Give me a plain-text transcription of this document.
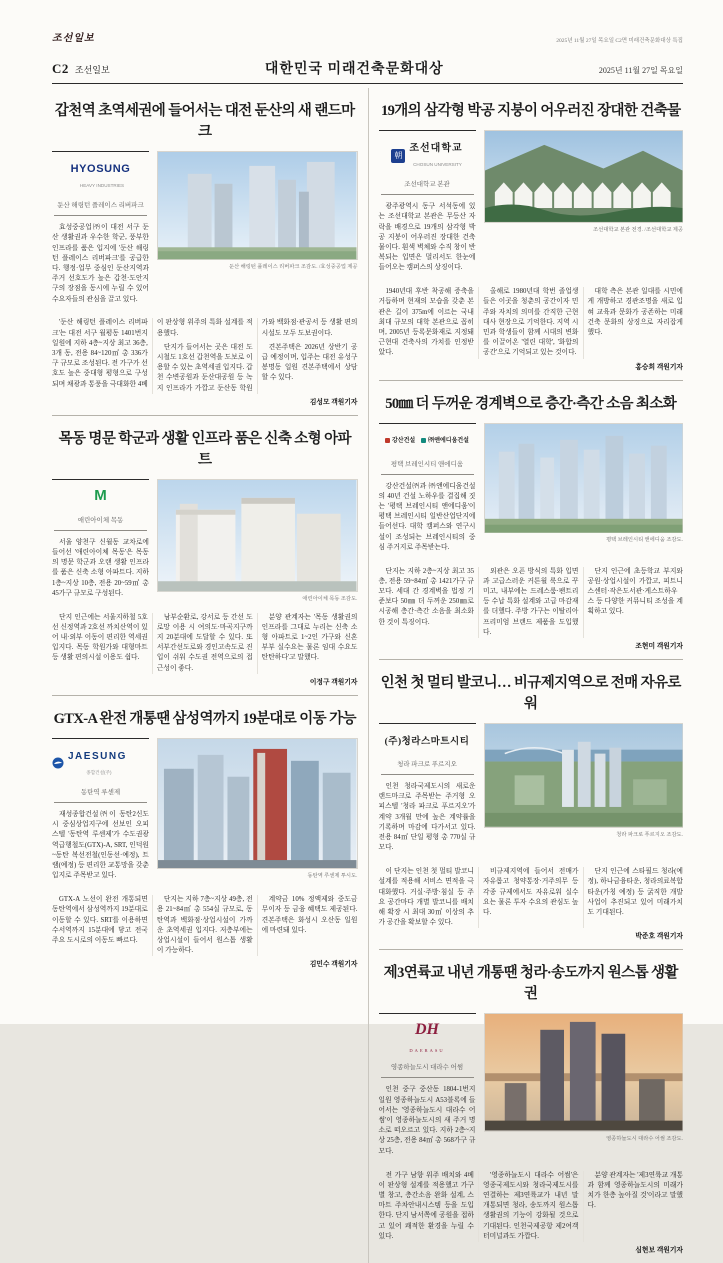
조선일보	2025년 11월 27일 목요일 C2면 미래건축문화대상 특집
C2 조선일보	대한민국 미래건축문화대상	2025년 11월 27일 목요일
갑천역 초역세권에 들어서는 대전 둔산의 새 랜드마크
HYOSUNGHEAVY INDUSTRIES
둔산 해링턴 플레이스 리버파크

효성중공업㈜이 대전 서구 둔산 생활권과 우수한 학군, 풍부한 인프라를 품은 입지에 '둔산 해링턴 플레이스 리버파크'를 공급한다. 행정·업무 중심인 둔산지역과 주거 선호도가 높은 갑천·도안지구의 장점을 동시에 누릴 수 있어 수요자들의 관심을 끌고 있다.

둔산 해링턴 플레이스 리버파크 조감도. /효성중공업 제공

'둔산 해링턴 플레이스 리버파크'는 대전 서구 월평동 1401번지 일원에 지하 4층~지상 최고 36층, 3개 동, 전용 84~120㎡ 총 336가구 규모로 조성된다. 전 가구가 선호도 높은 중대형 평형으로 구성되며 채광과 통풍을 극대화한 4베이 판상형 위주의 특화 설계를 적용했다.

단지가 들어서는 곳은 대전 도시철도 1호선 갑천역을 도보로 이용할 수 있는 초역세권 입지다. 갑천 수변공원과 둔산대공원 등 녹지 인프라가 가깝고 둔산동 학원가와 백화점·관공서 등 생활 편의시설도 모두 도보권이다.

견본주택은 2026년 상반기 공급 예정이며, 입주는 대전 유성구 봉명동 일원 견본주택에서 상담할 수 있다.

김성모 객원기자
목동 명문 학군과 생활 인프라 품은 신축 소형 아파트
M
애린아이체 목동

서울 양천구 신월동 교차로에 들어선 '애린아이체 목동'은 목동의 명문 학군과 오랜 생활 인프라를 품은 신축 소형 아파트다. 지하 1층~지상 10층, 전용 20~59㎡ 총 45가구 규모로 구성된다.

애린아이체 목동 조감도.

단지 인근에는 서울지하철 5호선 신정역과 2호선 까치산역이 있어 내·외부 이동이 편리한 역세권 입지다. 목동 학원가와 대형마트 등 생활 편의시설 이용도 쉽다.

남부순환로, 강서로 등 간선 도로망 이용 시 여의도·마곡지구까지 20분대에 도달할 수 있다. 또 서부간선도로와 경인고속도로 진입이 쉬워 수도권 전역으로의 접근성이 좋다.

분양 관계자는 '목동 생활권의 인프라를 그대로 누리는 신축 소형 아파트로 1~2인 가구와 신혼부부 실수요는 물론 임대 수요도 탄탄하다'고 말했다.

이정구 객원기자
GTX-A 완전 개통땐 삼성역까지 19분대로 이동 가능
JAESUNG
종합건설(주)
동탄역 루센제

재성종합건설㈜이 동탄2신도시 중심상업지구에 선보인 오피스텔 '동탄역 루센제'가 수도권광역급행철도(GTX)-A, SRT, 인덕원~동탄 복선전철(인동선·예정), 트램(예정) 등 편리한 교통망을 갖춘 입지로 주목받고 있다.	동탄역 루센제 투시도.

GTX-A 노선이 완전 개통되면 동탄역에서 삼성역까지 19분대로 이동할 수 있다. SRT를 이용하면 수서역까지 15분대에 닿고 전국 주요 도시로의 이동도 빠르다.

단지는 지하 7층~지상 49층, 전용 21~84㎡ 총 554실 규모로, 동탄역과 백화점·상업시설이 가까운 초역세권 입지다. 저층부에는 상업시설이 들어서 원스톱 생활이 가능하다.

계약금 10% 정액제와 중도금 무이자 등 금융 혜택도 제공된다. 견본주택은 화성시 오산동 일원에 마련돼 있다.

김민수 객원기자
19개의 삼각형 박공 지붕이 어우러진 장대한 건축물
朝
조선대학교
CHOSUN UNIVERSITY
조선대학교 본관

광주광역시 동구 서석동에 있는 조선대학교 본관은 무등산 자락을 배경으로 19개의 삼각형 박공 지붕이 어우러진 장대한 건축물이다. 흰색 벽체와 수직 창이 반복되는 입면은 멀리서도 한눈에 들어오는 캠퍼스의 상징이다.

조선대학교 본관 전경. /조선대학교 제공

1940년대 후반 착공해 증축을 거듭하며 현재의 모습을 갖춘 본관은 길이 375m에 이르는 국내 최대 규모의 대학 본관으로 꼽히며, 2005년 등록문화재로 지정돼 근현대 건축사의 가치를 인정받았다.

올해로 1980년대 학번 졸업생들은 이곳을 청춘의 공간이자 민주와 자치의 의미를 간직한 근현대사 현장으로 기억한다. 지역 시민과 학생들이 함께 시대의 변화를 이끌어온 '열린 대학', '화합의 공간'으로 기억되고 있는 것이다.

대학 측은 본관 일대를 시민에게 개방하고 경관조명을 새로 입혀 교육과 문화가 공존하는 미래건축 문화의 상징으로 자리잡게 했다.

홍승희 객원기자
50㎜ 더 두꺼운 경계벽으로 층간·측간 소음 최소화
강산건설	㈜앤에디움건설
평택 브레인시티 앤에디움

강산건설㈜과 ㈜앤에디움건설의 40년 건설 노하우를 결집해 짓는 '평택 브레인시티 앤에디움'이 평택 브레인시티 일반산업단지에 들어선다. 대학 캠퍼스와 연구시설이 조성되는 브레인시티의 중심 주거지로 주목받는다.

평택 브레인시티 앤에디움 조감도.

단지는 지하 2층~지상 최고 35층, 전용 59~84㎡ 총 1421가구 규모다. 세대 간 경계벽을 법정 기준보다 50㎜ 더 두꺼운 250㎜로 시공해 층간·측간 소음을 최소화한 것이 특징이다.

외관은 오픈 방식의 특화 입면과 고급스러운 커튼월 룩으로 꾸미고, 내부에는 드레스룸·팬트리 등 수납 특화 설계와 고급 마감재를 더했다. 주방 가구는 이탈리아 프리미엄 브랜드 제품을 도입했다.

단지 인근에 초등학교 부지와 공원·상업시설이 가깝고, 피트니스센터·작은도서관·게스트하우스 등 다양한 커뮤니티 조성을 계획하고 있다.

조현미 객원기자
인천 첫 멀티 발코니… 비규제지역으로 전매 자유로워
(주)청라스마트시티
청라 파크로 푸르지오

인천 청라국제도시의 새로운 랜드마크로 주목받는 주거형 오피스텔 '청라 파크로 푸르지오'가 계약 3개월 만에 높은 계약률을 기록하며 마감에 다가서고 있다. 전용 84㎡ 단일 평형 총 770실 규모다.

청라 파크로 푸르지오 조감도.

이 단지는 인천 첫 멀티 발코니 설계를 적용해 서비스 면적을 극대화했다. 거실·주방·침실 등 주요 공간마다 개별 발코니를 배치해 확장 시 최대 30㎡ 이상의 추가 공간을 확보할 수 있다.

비규제지역에 들어서 전매가 자유롭고 청약통장·거주의무 등 각종 규제에서도 자유로워 실수요는 물론 투자 수요의 관심도 높다.

단지 인근에 스타필드 청라(예정), 하나금융타운, 청라의료복합타운(가칭 예정) 등 굵직한 개발사업이 추진되고 있어 미래가치도 기대된다.

박준호 객원기자
제3연륙교 내년 개통땐 청라·송도까지 원스톱 생활권
DH
DAERASU
영종하늘도시 대라수 어썸

인천 중구 중산동 1804-1번지 일원 영종하늘도시 A53블록에 들어서는 '영종하늘도시 대라수 어썸'이 영종하늘도시의 새 주거 명소로 떠오르고 있다. 지하 2층~지상 25층, 전용 84㎡ 총 568가구 규모다.

영종하늘도시 대라수 어썸 조감도.

전 가구 남향 위주 배치와 4베이 판상형 설계를 적용했고 가구별 창고, 층간소음 완화 설계, 스마트 주차안내시스템 등을 도입한다. 단지 남서쪽에 공원을 접하고 있어 쾌적한 환경을 누릴 수 있다.

'영종하늘도시 대라수 어썸'은 영종국제도시와 청라국제도시를 연결하는 제3연륙교가 내년 말 개통되면 청라, 송도까지 원스톱 생활권의 기능이 강화될 것으로 기대된다. 인천국제공항 제2여객터미널과도 가깝다.

분양 관계자는 '제3연륙교 개통과 함께 영종하늘도시의 미래가치가 한층 높아질 것'이라고 말했다.

심현보 객원기자
